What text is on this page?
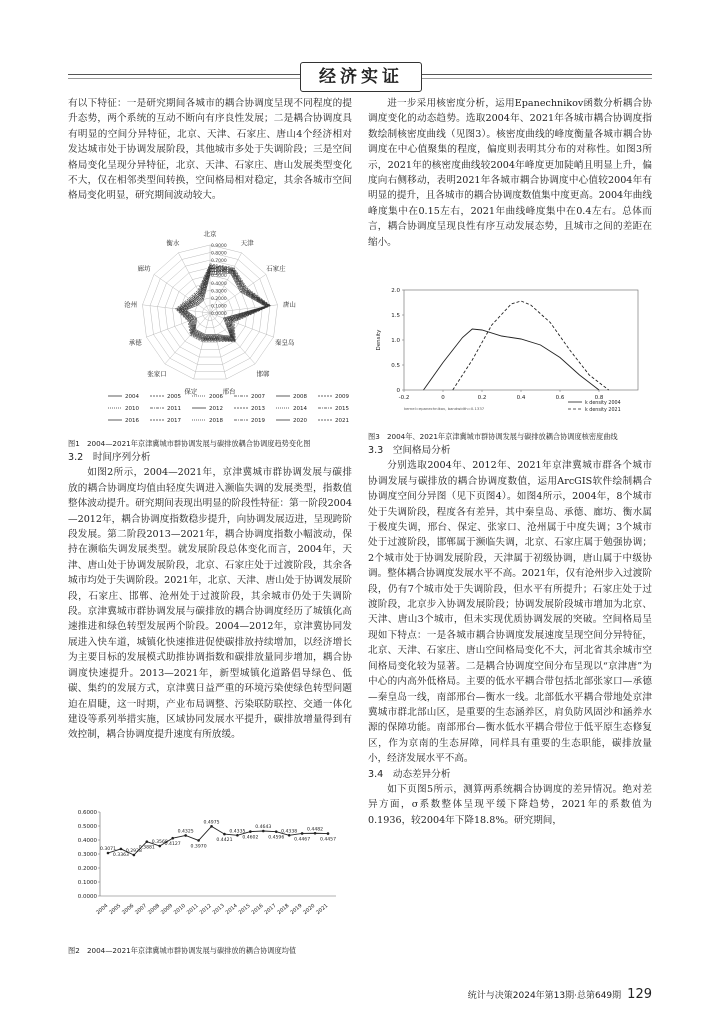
经济实证

有以下特征：一是研究期间各城市的耦合协调度呈现不同程度的提升态势，两个系统的互动不断向有序良性发展；二是耦合协调度具有明显的空间分异特征，北京、天津、石家庄、唐山4个经济相对发达城市处于协调发展阶段，其他城市多处于失调阶段；三是空间格局变化呈现分异特征，北京、天津、石家庄、唐山发展类型变化不大，仅在相邻类型间转换，空间格局相对稳定，其余各城市空间格局变化明显，研究期间波动较大。

北京
天津
石家庄
唐山
秦皇岛
邯郸
邢台
保定
张家口
承德
沧州
廊坊
衡水	0.9000
0.8000
0.7000
0.6000
0.5000
0.4000
0.3000
0.2000
0.1000
0.0000
2004	2005	2006	2007	2008	2009
2010	2011	2012	2013	2014	2015
2016	2017	2018	2019	2020	2021
图1　2004—2021年京津冀城市群协调发展与碳排放耦合协调度趋势变化图
3.2　时间序列分析

如图2所示，2004—2021年，京津冀城市群协调发展与碳排放的耦合协调度均值由轻度失调进入濒临失调的发展类型，指数值整体波动提升。研究期间表现出明显的阶段性特征：第一阶段2004—2012年，耦合协调度指数稳步提升，向协调发展迈进，呈现跨阶段发展。第二阶段2013—2021年，耦合协调度指数小幅波动，保持在濒临失调发展类型。就发展阶段总体变化而言，2004年，天津、唐山处于协调发展阶段，北京、石家庄处于过渡阶段，其余各城市均处于失调阶段。2021年，北京、天津、唐山处于协调发展阶段，石家庄、邯郸、沧州处于过渡阶段，其余城市仍处于失调阶段。京津冀城市群协调发展与碳排放的耦合协调度经历了城镇化高速推进和绿色转型发展两个阶段。2004—2012年，京津冀协同发展进入快车道，城镇化快速推进促使碳排放持续增加，以经济增长为主要目标的发展模式助推协调指数和碳排放量同步增加，耦合协调度快速提升。2013—2021年，新型城镇化道路倡导绿色、低碳、集约的发展方式，京津冀日益严重的环境污染使绿色转型问题迫在眉睫，这一时期，产业布局调整、污染联防联控、交通一体化建设等系列举措实施，区域协同发展水平提升，碳排放增量得到有效控制，耦合协调度提升速度有所放缓。

0.0000
0.1000
0.2000
0.3000
0.4000
0.5000
0.6000
2004
2005
2006
2007
2008
2009
2010
2011
2012
2013
2014
2015
2016
2017
2018
2019
2020
2021
0.3071
0.3363
0.2928
0.3881
0.3568
0.4127
0.4325
0.3970
0.4975
0.4421
0.4335
0.4602
0.4643
0.4596
0.4338
0.4467
0.4482
0.4457
图2　2004—2021年京津冀城市群协调发展与碳排放的耦合协调度均值

进一步采用核密度分析，运用Epanechnikov函数分析耦合协调度变化的动态趋势。选取2004年、2021年各城市耦合协调度指数绘制核密度曲线（见图3）。核密度曲线的峰度衡量各城市耦合协调度在中心值聚集的程度，偏度则表明其分布的对称性。如图3所示，2021年的核密度曲线较2004年峰度更加陡峭且明显上升，偏度向右侧移动，表明2021年各城市耦合协调度中心值较2004年有明显的提升，且各城市的耦合协调度数值集中度更高。2004年曲线峰度集中在0.15左右，2021年曲线峰度集中在0.4左右。总体而言，耦合协调度呈现良性有序互动发展态势，且城市之间的差距在缩小。

0
0.5
1.0
1.5
2.0
-0.2	0	0.2	0.4	0.6	0.8
Density
k density 2004
k density 2021
kernel=epanechnikov, bandwidth=0.1337
图3　2004年、2021年京津冀城市群协调发展与碳排放耦合协调度核密度曲线
3.3　空间格局分析

分别选取2004年、2012年、2021年京津冀城市群各个城市协调发展与碳排放的耦合协调度数值，运用ArcGIS软件绘制耦合协调度空间分异图（见下页图4）。如图4所示，2004年，8个城市处于失调阶段，程度各有差异，其中秦皇岛、承德、廊坊、衡水属于极度失调，邢台、保定、张家口、沧州属于中度失调；3个城市处于过渡阶段，邯郸属于濒临失调，北京、石家庄属于勉强协调；2个城市处于协调发展阶段，天津属于初级协调，唐山属于中级协调。整体耦合协调度发展水平不高。2021年，仅有沧州步入过渡阶段，仍有7个城市处于失调阶段，但水平有所提升；石家庄处于过渡阶段，北京步入协调发展阶段；协调发展阶段城市增加为北京、天津、唐山3个城市，但未实现优质协调发展的突破。空间格局呈现如下特点：一是各城市耦合协调度发展速度呈现空间分异特征，北京、天津、石家庄、唐山空间格局变化不大，河北省其余城市空间格局变化较为显著。二是耦合协调度空间分布呈现以“京津唐”为中心的内高外低格局。主要的低水平耦合带包括北部张家口—承德—秦皇岛一线，南部邢台—衡水一线。北部低水平耦合带地处京津冀城市群北部山区，是重要的生态涵养区，肩负防风固沙和涵养水源的保障功能。南部邢台—衡水低水平耦合带位于低平原生态修复区，作为京南的生态屏障，同样具有重要的生态职能，碳排放量小，经济发展水平不高。

3.4　动态差异分析

如下页图5所示，测算两系统耦合协调度的差异情况。绝对差异方面，σ系数整体呈现平缓下降趋势，2021年的系数值为0.1936，较2004年下降18.8%。研究期间，

统计与决策2024年第13期·总第649期 129
